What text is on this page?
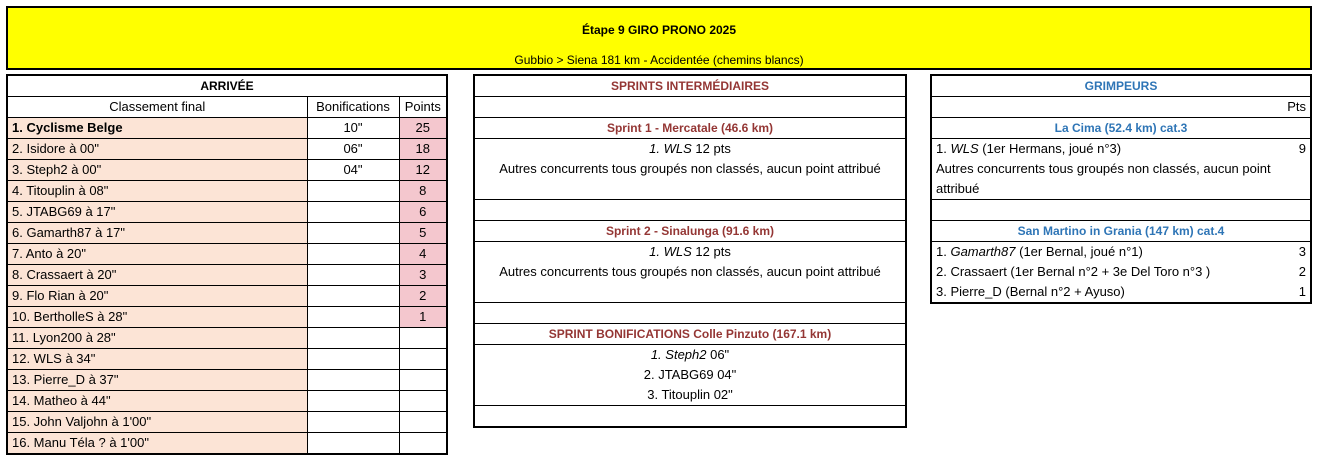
Étape 9 GIRO PRONO 2025
Gubbio > Siena 181 km - Accidentée (chemins blancs)
ARRIVÉE		
Classement final	Bonifications	Points
1. Cyclisme Belge	10"	25
2. Isidore à 00"	06"	18
3. Steph2 à 00"	04"	12
4. Titouplin à 08"		8
5. JTABG69 à 17"		6
6. Gamarth87 à 17"		5
7. Anto à 20"		4
8. Crassaert à 20"		3
9. Flo Rian à 20"		2
10. BertholleS à 28"		1
11. Lyon200 à 28"		
12. WLS à 34"		
13. Pierre_D à 37"		
14. Matheo à 44"		
15. John Valjohn à 1'00"		
16. Manu Téla ? à 1'00"		
SPRINTS INTERMÉDIAIRES

Sprint 1 - Mercatale (46.6 km)
1. WLS 12 pts
Autres concurrents tous groupés non classés, aucun point attribué

Sprint 2 - Sinalunga (91.6 km)
1. WLS 12 pts
Autres concurrents tous groupés non classés, aucun point attribué

SPRINT BONIFICATIONS Colle Pinzuto (167.1 km)
1. Steph2 06"
2. JTABG69 04"
3. Titouplin 02"

GRIMPEURS	
	Pts
La Cima (52.4 km) cat.3	
1. WLS (1er Hermans, joué n°3)	9
Autres concurrents tous groupés non classés, aucun point attribué	

San Martino in Grania (147 km) cat.4	
1. Gamarth87 (1er Bernal, joué n°1)	3
2. Crassaert (1er Bernal n°2 + 3e Del Toro n°3 )	2
3. Pierre_D (Bernal n°2 + Ayuso)	1
